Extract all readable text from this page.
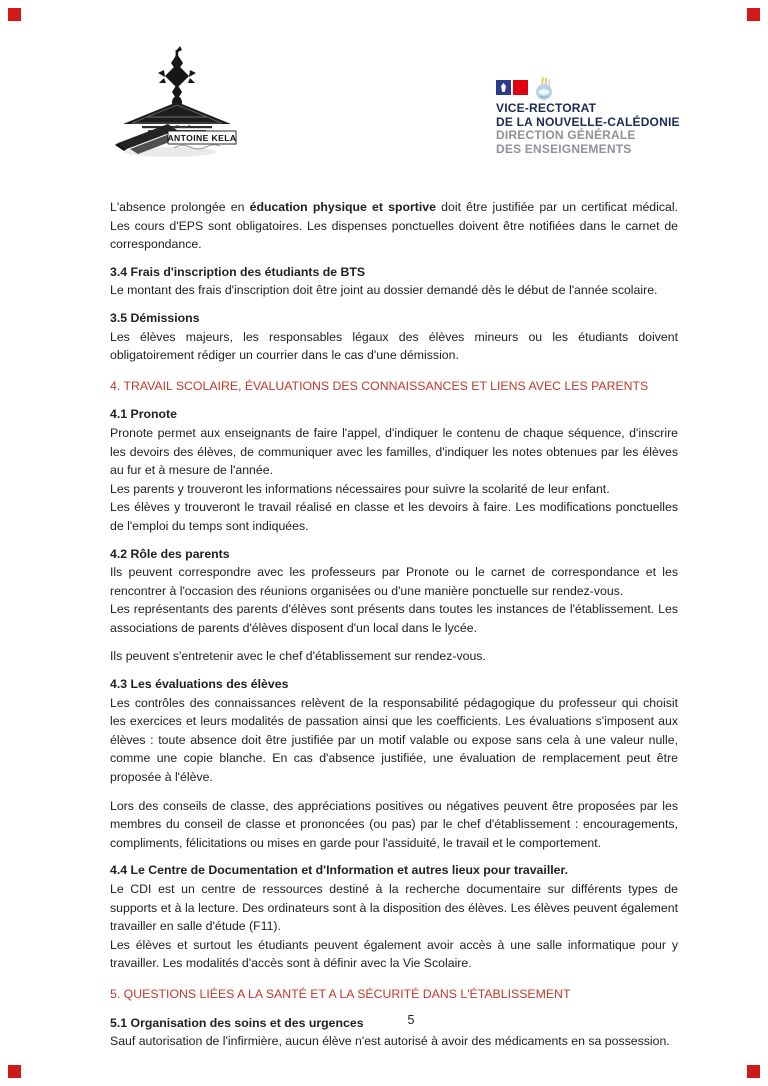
ANTOINE KELA
VICE-RECTORAT
DE LA NOUVELLE-CALÉDONIE
DIRECTION GÉNÉRALE
DES ENSEIGNEMENTS
L'absence prolongée en éducation physique et sportive doit être justifiée par un certificat médical. Les cours d'EPS sont obligatoires. Les dispenses ponctuelles doivent être notifiées dans le carnet de correspondance.
3.4 Frais d'inscription des étudiants de BTS
Le montant des frais d'inscription doit être joint au dossier demandé dès le début de l'année scolaire.
3.5 Démissions
Les élèves majeurs, les responsables légaux des élèves mineurs ou les étudiants doivent obligatoirement rédiger un courrier dans le cas d'une démission.
4. TRAVAIL SCOLAIRE, ÉVALUATIONS DES CONNAISSANCES ET LIENS AVEC LES PARENTS
4.1 Pronote
Pronote permet aux enseignants de faire l'appel, d'indiquer le contenu de chaque séquence, d'inscrire les devoirs des élèves, de communiquer avec les familles, d'indiquer les notes obtenues par les élèves au fur et à mesure de l'année.
Les parents y trouveront les informations nécessaires pour suivre la scolarité de leur enfant.
Les élèves y trouveront le travail réalisé en classe et les devoirs à faire. Les modifications ponctuelles de l'emploi du temps sont indiquées.
4.2 Rôle des parents
Ils peuvent correspondre avec les professeurs par Pronote ou le carnet de correspondance et les rencontrer à l'occasion des réunions organisées ou d'une manière ponctuelle sur rendez-vous.
Les représentants des parents d'élèves sont présents dans toutes les instances de l'établissement. Les associations de parents d'élèves disposent d'un local dans le lycée.
Ils peuvent s'entretenir avec le chef d'établissement sur rendez-vous.
4.3 Les évaluations des élèves
Les contrôles des connaissances relèvent de la responsabilité pédagogique du professeur qui choisit les exercices et leurs modalités de passation ainsi que les coefficients. Les évaluations s'imposent aux élèves : toute absence doit être justifiée par un motif valable ou expose sans cela à une valeur nulle, comme une copie blanche. En cas d'absence justifiée, une évaluation de remplacement peut être proposée à l'élève.
Lors des conseils de classe, des appréciations positives ou négatives peuvent être proposées par les membres du conseil de classe et prononcées (ou pas) par le chef d'établissement : encouragements, compliments, félicitations ou mises en garde pour l'assiduité, le travail et le comportement.
4.4 Le Centre de Documentation et d'Information et autres lieux pour travailler.
Le CDI est un centre de ressources destiné à la recherche documentaire sur différents types de supports et à la lecture. Des ordinateurs sont à la disposition des élèves. Les élèves peuvent également travailler en salle d'étude (F11).
Les élèves et surtout les étudiants peuvent également avoir accès à une salle informatique pour y travailler. Les modalités d'accès sont à définir avec la Vie Scolaire.
5. QUESTIONS LIÉES A LA SANTÉ ET A LA SÉCURITÉ DANS L'ÉTABLISSEMENT
5.1 Organisation des soins et des urgences
Sauf autorisation de l'infirmière, aucun élève n'est autorisé à avoir des médicaments en sa possession.
5
